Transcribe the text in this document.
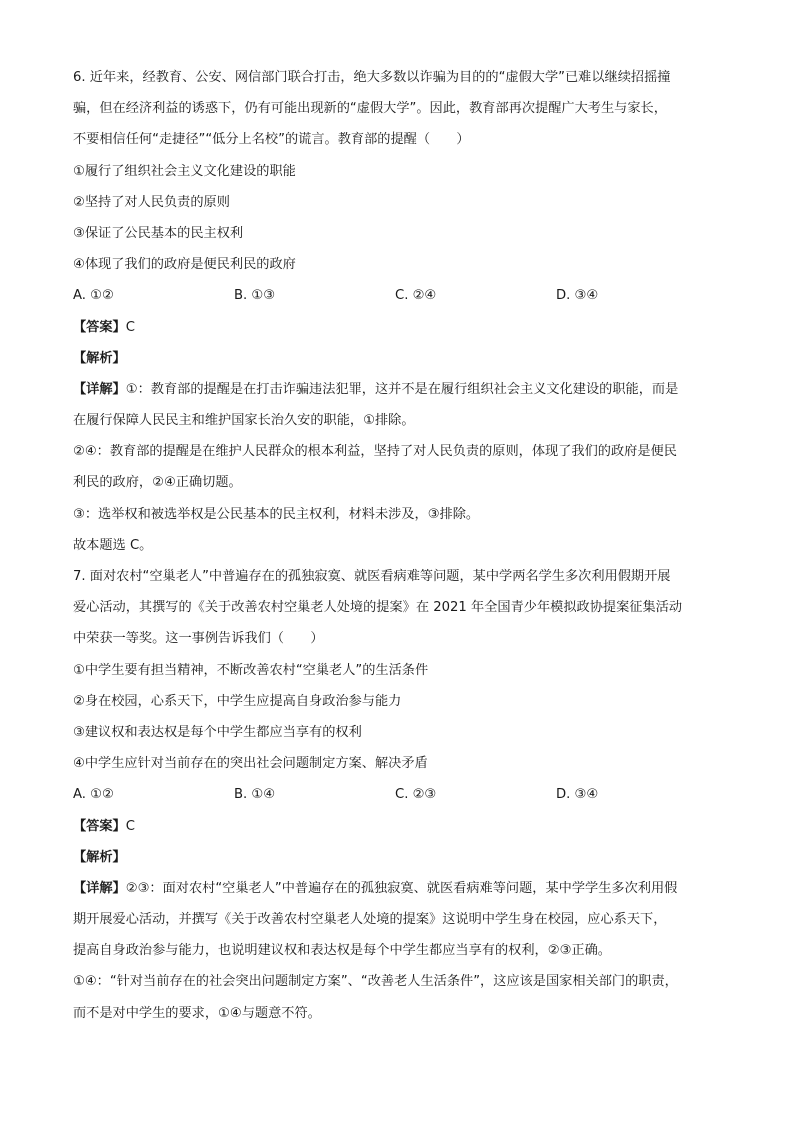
6. 近年来，经教育、公安、网信部门联合打击，绝大多数以诈骗为目的的“虚假大学”已难以继续招摇撞
骗，但在经济利益的诱惑下，仍有可能出现新的“虚假大学”。因此，教育部再次提醒广大考生与家长，
不要相信任何“走捷径”“低分上名校”的谎言。教育部的提醒（　　）
①履行了组织社会主义文化建设的职能
②坚持了对人民负责的原则
③保证了公民基本的民主权利
④体现了我们的政府是便民利民的政府
A. ①②	B. ①③	C. ②④	D. ③④
【答案】C
【解析】
【详解】①：教育部的提醒是在打击诈骗违法犯罪，这并不是在履行组织社会主义文化建设的职能，而是
在履行保障人民民主和维护国家长治久安的职能，①排除。
②④：教育部的提醒是在维护人民群众的根本利益，坚持了对人民负责的原则，体现了我们的政府是便民
利民的政府，②④正确切题。
③：选举权和被选举权是公民基本的民主权利，材料未涉及，③排除。
故本题选 C。
7. 面对农村“空巢老人”中普遍存在的孤独寂寞、就医看病难等问题，某中学两名学生多次利用假期开展
爱心活动，其撰写的《关于改善农村空巢老人处境的提案》在 2021 年全国青少年模拟政协提案征集活动
中荣获一等奖。这一事例告诉我们（　　）
①中学生要有担当精神，不断改善农村“空巢老人”的生活条件
②身在校园，心系天下，中学生应提高自身政治参与能力
③建议权和表达权是每个中学生都应当享有的权利
④中学生应针对当前存在的突出社会问题制定方案、解决矛盾
A. ①②	B. ①④	C. ②③	D. ③④
【答案】C
【解析】
【详解】②③：面对农村“空巢老人”中普遍存在的孤独寂寞、就医看病难等问题，某中学学生多次利用假
期开展爱心活动，并撰写《关于改善农村空巢老人处境的提案》这说明中学生身在校园，应心系天下，
提高自身政治参与能力，也说明建议权和表达权是每个中学生都应当享有的权利，②③正确。
①④：“针对当前存在的社会突出问题制定方案”、“改善老人生活条件”，这应该是国家相关部门的职责，
而不是对中学生的要求，①④与题意不符。
